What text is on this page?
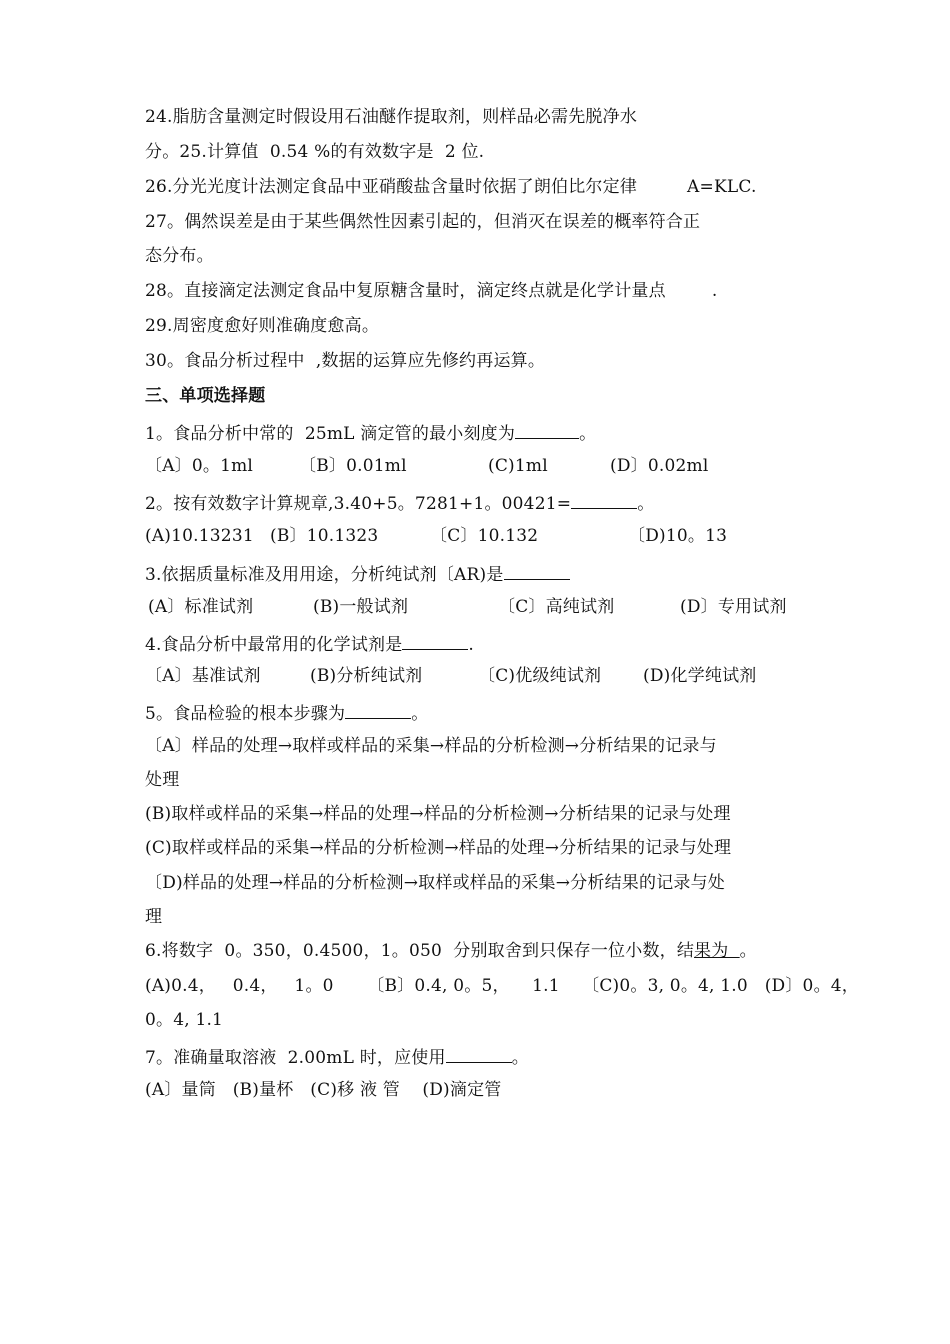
24.脂肪含量测定时假设用石油醚作提取剂，则样品必需先脱净水
分。25.计算值  0.54 %的有效数字是  2 位.
26.分光光度计法测定食品中亚硝酸盐含量时依据了朗伯比尔定律	A=KLC.
27。偶然误差是由于某些偶然性因素引起的，但消灭在误差的概率符合正
态分布。
28。直接滴定法测定食品中复原糖含量时，滴定终点就是化学计量点	.
29.周密度愈好则准确度愈高。
30。食品分析过程中  ,数据的运算应先修约再运算。
三、单项选择题
1。食品分析中常的  25mL 滴定管的最小刻度为	。
〔A〕0。1ml	〔B〕0.01ml	(C)1ml	(D〕0.02ml
2。按有效数字计算规章,3.40+5。7281+1。00421=	。
(A)10.13231 (B〕10.1323	〔C〕10.132	〔D)10。13
3.依据质量标准及用用途，分析纯试剂〔AR)是
(A〕标准试剂	(B)一般试剂	〔C〕高纯试剂	(D〕专用试剂
4.食品分析中最常用的化学试剂是	.
〔A〕基准试剂	(B)分析纯试剂	〔C)优级纯试剂 (D)化学纯试剂
5。食品检验的根本步骤为	。
〔A〕样品的处理→取样或样品的采集→样品的分析检测→分析结果的记录与
处理
(B)取样或样品的采集→样品的处理→样品的分析检测→分析结果的记录与处理
(C)取样或样品的采集→样品的分析检测→样品的处理→分析结果的记录与处理
〔D)样品的处理→样品的分析检测→取样或样品的采集→分析结果的记录与处
理
6.将数字  0。350，0.4500，1。050  分别取舍到只保存一位小数，结果为  。
(A)0.4，   0.4，   1。0      〔B〕0.4, 0。5，    1.1    〔C)0。3, 0。4, 1.0   (D〕0。4，
0。4, 1.1
7。准确量取溶液  2.00mL 时，应使用	。
(A〕量筒   (B)量杯   (C)移 液 管    (D)滴定管
